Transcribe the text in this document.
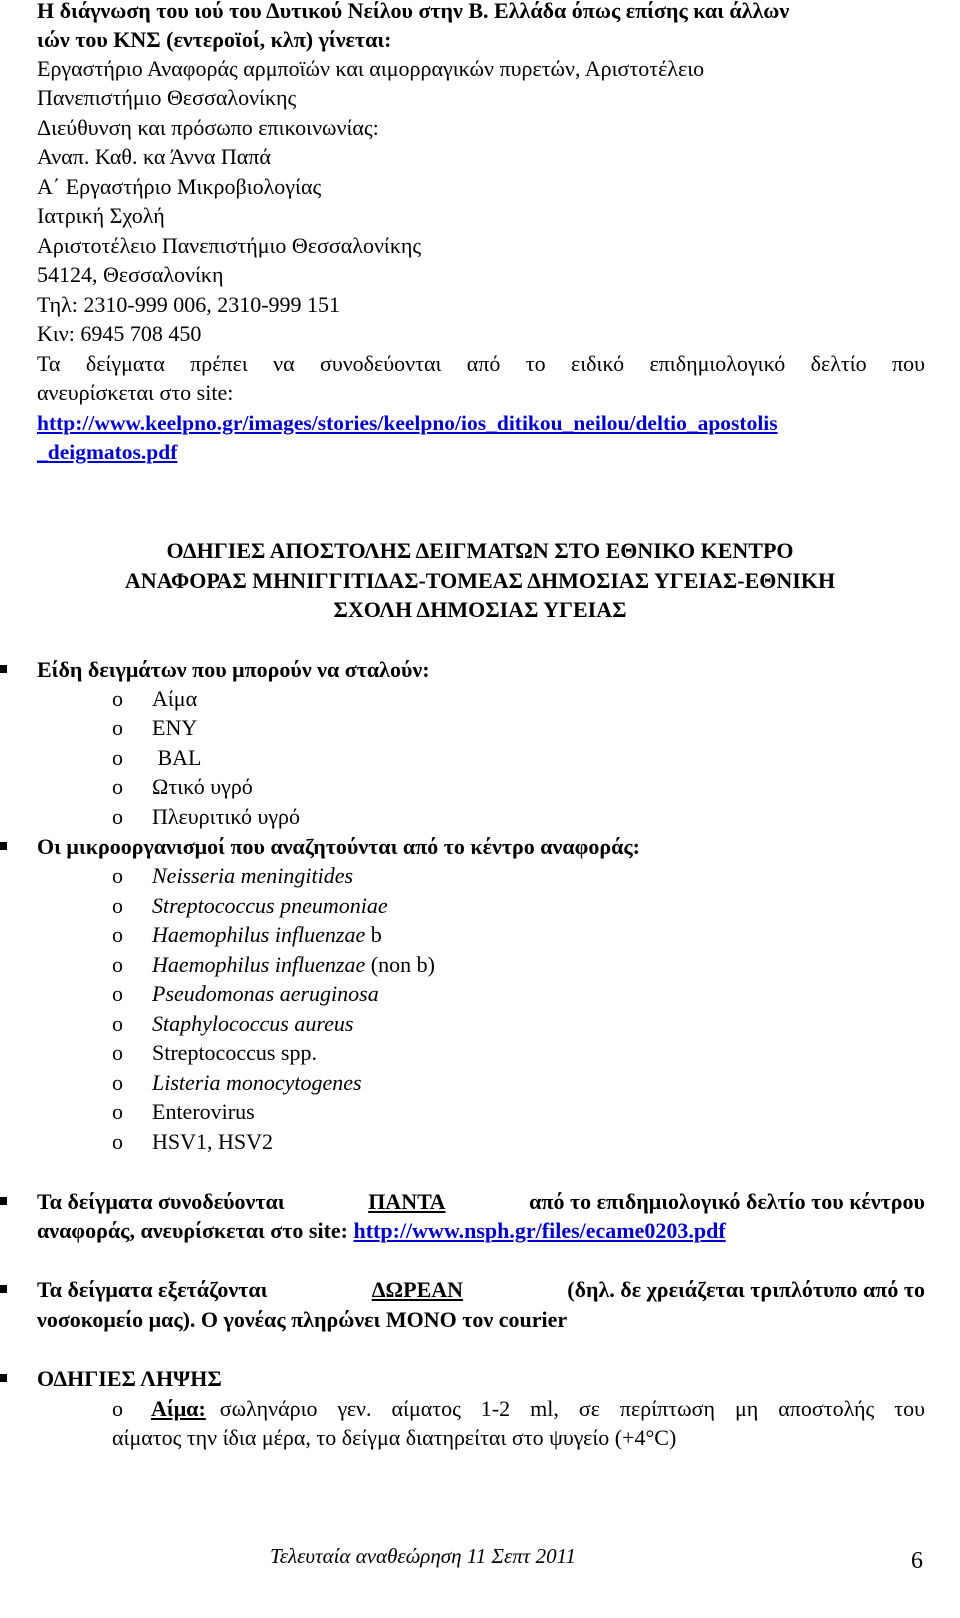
Η διάγνωση του ιού του Δυτικού Νείλου στην Β. Ελλάδα όπως επίσης και άλλων
ιών του ΚΝΣ (εντεροϊοί, κλπ) γίνεται:
Εργαστήριο Αναφοράς αρμποϊών και αιμορραγικών πυρετών, Αριστοτέλειο
Πανεπιστήμιο Θεσσαλονίκης
Διεύθυνση και πρόσωπο επικοινωνίας:
Αναπ. Καθ. κα Άννα Παπά
Α΄ Εργαστήριο Μικροβιολογίας
Ιατρική Σχολή
Αριστοτέλειο Πανεπιστήμιο Θεσσαλονίκης
54124, Θεσσαλονίκη
Τηλ: 2310-999 006, 2310-999 151
Κιν: 6945 708 450
Τα δείγματα πρέπει να συνοδεύονται από το ειδικό επιδημιολογικό δελτίο που
ανευρίσκεται στο site:
http://www.keelpno.gr/images/stories/keelpno/ios_ditikou_neilou/deltio_apostolis
_deigmatos.pdf
ΟΔΗΓΙΕΣ ΑΠΟΣΤΟΛΗΣ ΔΕΙΓΜΑΤΩΝ ΣΤΟ ΕΘΝΙΚΟ ΚΕΝΤΡΟ
ΑΝΑΦΟΡΑΣ ΜΗΝΙΓΓΙΤΙΔΑΣ-ΤΟΜΕΑΣ ΔΗΜΟΣΙΑΣ ΥΓΕΙΑΣ-ΕΘΝΙΚΗ
ΣΧΟΛΗ ΔΗΜΟΣΙΑΣ ΥΓΕΙΑΣ
Είδη δειγμάτων που μπορούν να σταλούν:
o Αίμα
o ENY
o BAL
o Ωτικό υγρό
o Πλευριτικό υγρό
Οι μικροοργανισμοί που αναζητούνται από το κέντρο αναφοράς:
o Neisseria meningitides
o Streptococcus pneumoniae
o Haemophilus influenzae b
o Haemophilus influenzae (non b)
o Pseudomonas aeruginosa
o Staphylococcus aureus
o Streptococcus spp.
o Listeria monocytogenes
o Enterovirus
o HSV1, HSV2
Τα δείγματα συνοδεύονται	ΠΑΝΤΑ	από το επιδημιολογικό δελτίο του κέντρου
αναφοράς, ανευρίσκεται στο site: http://www.nsph.gr/files/ecame0203.pdf
Τα δείγματα εξετάζονται	ΔΩΡΕΑΝ	(δηλ. δε χρειάζεται τριπλότυπο από το
νοσοκομείο μας). Ο γονέας πληρώνει ΜΟΝΟ τον courier
ΟΔΗΓΙΕΣ ΛΗΨΗΣ
o Αίμα: σωληνάριο γεν. αίματος 1-2 ml, σε περίπτωση μη αποστολής του
αίματος την ίδια μέρα, το δείγμα διατηρείται στο ψυγείο (+4°C)
Τελευταία αναθεώρηση 11 Σεπτ 2011	6
